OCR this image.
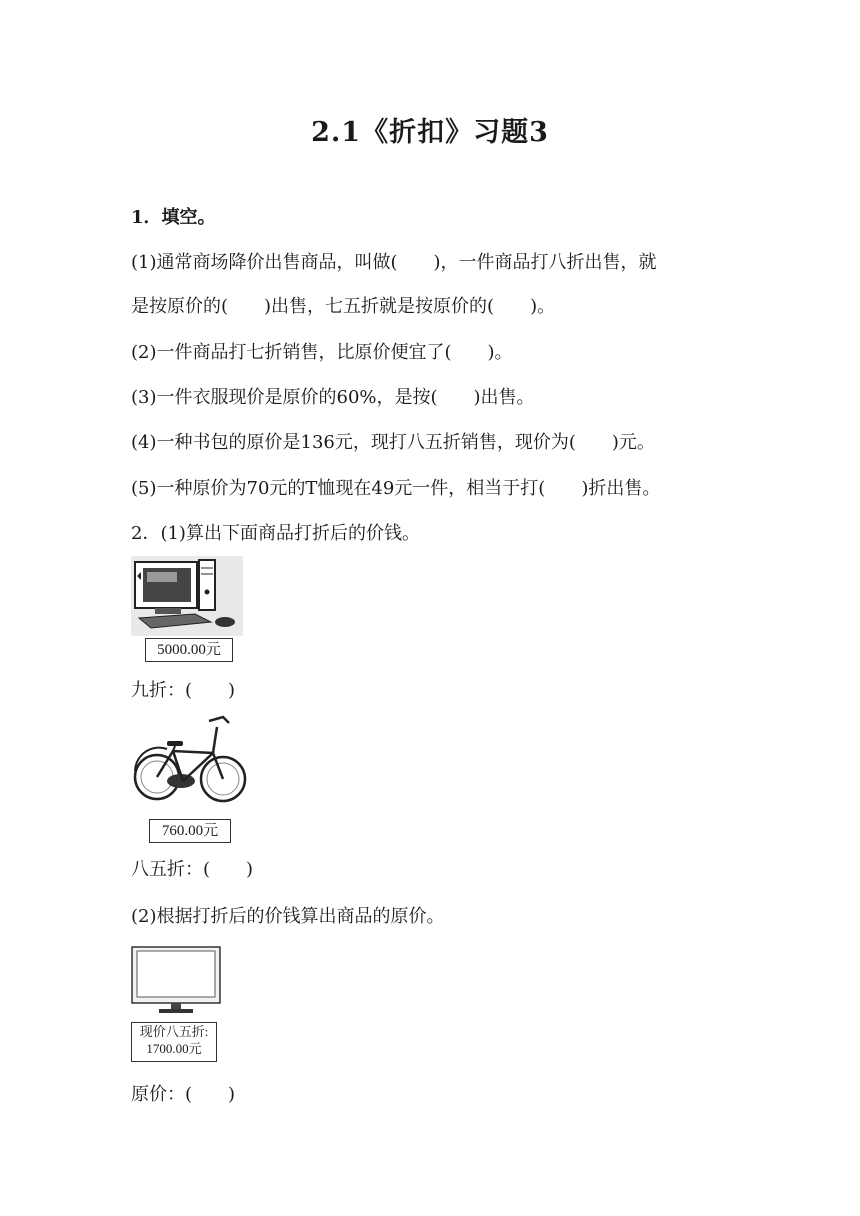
2.1《折扣》习题3
1．填空。
(1)通常商场降价出售商品，叫做(　　)，一件商品打八折出售，就
是按原价的(　　)出售，七五折就是按原价的(　　)。
(2)一件商品打七折销售，比原价便宜了(　　)。
(3)一件衣服现价是原价的60%，是按(　　)出售。
(4)一种书包的原价是136元，现打八五折销售，现价为(　　)元。
(5)一种原价为70元的T恤现在49元一件，相当于打(　　)折出售。
2．(1)算出下面商品打折后的价钱。
5000.00元
九折：(　　)
760.00元
八五折：(　　)
(2)根据打折后的价钱算出商品的原价。
现价八五折:
1700.00元
原价：(　　)
